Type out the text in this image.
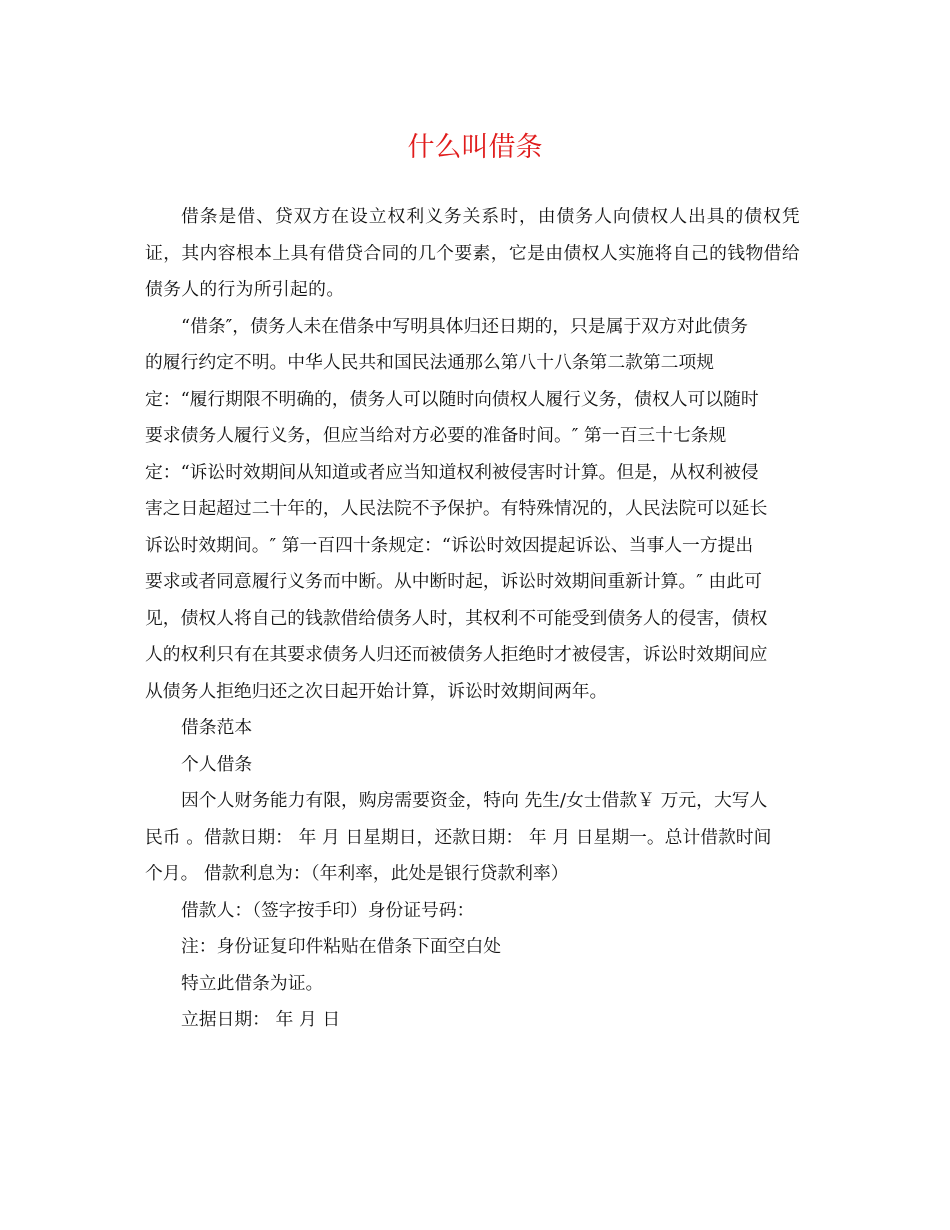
什么叫借条

借条是借、贷双方在设立权利义务关系时，由债务人向债权人出具的债权凭证，其内容根本上具有借贷合同的几个要素，它是由债权人实施将自己的钱物借给债务人的行为所引起的。

“借条″，债务人未在借条中写明具体归还日期的，只是属于双方对此债务
的履行约定不明。中华人民共和国民法通那么第八十八条第二款第二项规
定：“履行期限不明确的，债务人可以随时向债权人履行义务，债权人可以随时
要求债务人履行义务，但应当给对方必要的准备时间。″ 第一百三十七条规
定：“诉讼时效期间从知道或者应当知道权利被侵害时计算。但是，从权利被侵
害之日起超过二十年的，人民法院不予保护。有特殊情况的，人民法院可以延长
诉讼时效期间。″ 第一百四十条规定：“诉讼时效因提起诉讼、当事人一方提出
要求或者同意履行义务而中断。从中断时起，诉讼时效期间重新计算。″ 由此可
见，债权人将自己的钱款借给债务人时，其权利不可能受到债务人的侵害，债权
人的权利只有在其要求债务人归还而被债务人拒绝时才被侵害，诉讼时效期间应
从债务人拒绝归还之次日起开始计算，诉讼时效期间两年。

借条范本

个人借条

因个人财务能力有限，购房需要资金，特向 先生/女士借款￥ 万元，大写人
民币 。借款日期： 年 月 日星期日，还款日期： 年 月 日星期一。总计借款时间
个月。 借款利息为：（年利率，此处是银行贷款利率）

借款人：（签字按手印）身份证号码：

注：身份证复印件粘贴在借条下面空白处

特立此借条为证。

立据日期： 年 月 日
